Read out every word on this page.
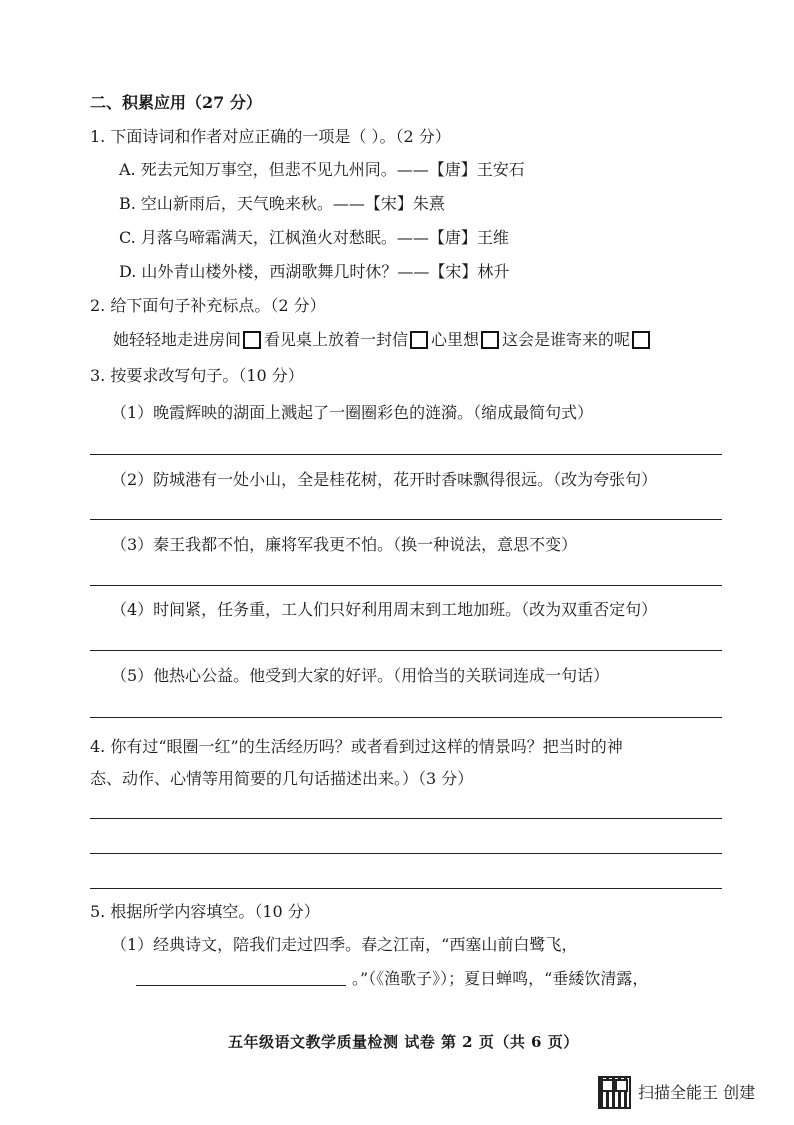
二、积累应用（27 分）
1. 下面诗词和作者对应正确的一项是（ ）。（2 分）
A. 死去元知万事空，但悲不见九州同。——【唐】王安石
B. 空山新雨后，天气晚来秋。——【宋】朱熹
C. 月落乌啼霜满天，江枫渔火对愁眠。——【唐】王维
D. 山外青山楼外楼，西湖歌舞几时休？——【宋】林升
2. 给下面句子补充标点。（2 分）
她轻轻地走进房间 看见桌上放着一封信 心里想 这会是谁寄来的呢
3. 按要求改写句子。（10 分）
（1）晚霞辉映的湖面上溅起了一圈圈彩色的涟漪。（缩成最简句式）
（2）防城港有一处小山，全是桂花树，花开时香味飘得很远。（改为夸张句）
（3）秦王我都不怕，廉将军我更不怕。（换一种说法，意思不变）
（4）时间紧，任务重，工人们只好利用周末到工地加班。（改为双重否定句）
（5）他热心公益。他受到大家的好评。（用恰当的关联词连成一句话）
4. 你有过“眼圈一红”的生活经历吗？或者看到过这样的情景吗？把当时的神
态、动作、心情等用简要的几句话描述出来。）（3 分）
5. 根据所学内容填空。（10 分）
（1）经典诗文，陪我们走过四季。春之江南，“西塞山前白鹭飞，
。”（《渔歌子》）；夏日蝉鸣，“垂緌饮清露，
五年级语文教学质量检测 试卷 第 2 页（共 6 页）
扫描全能王 创建
